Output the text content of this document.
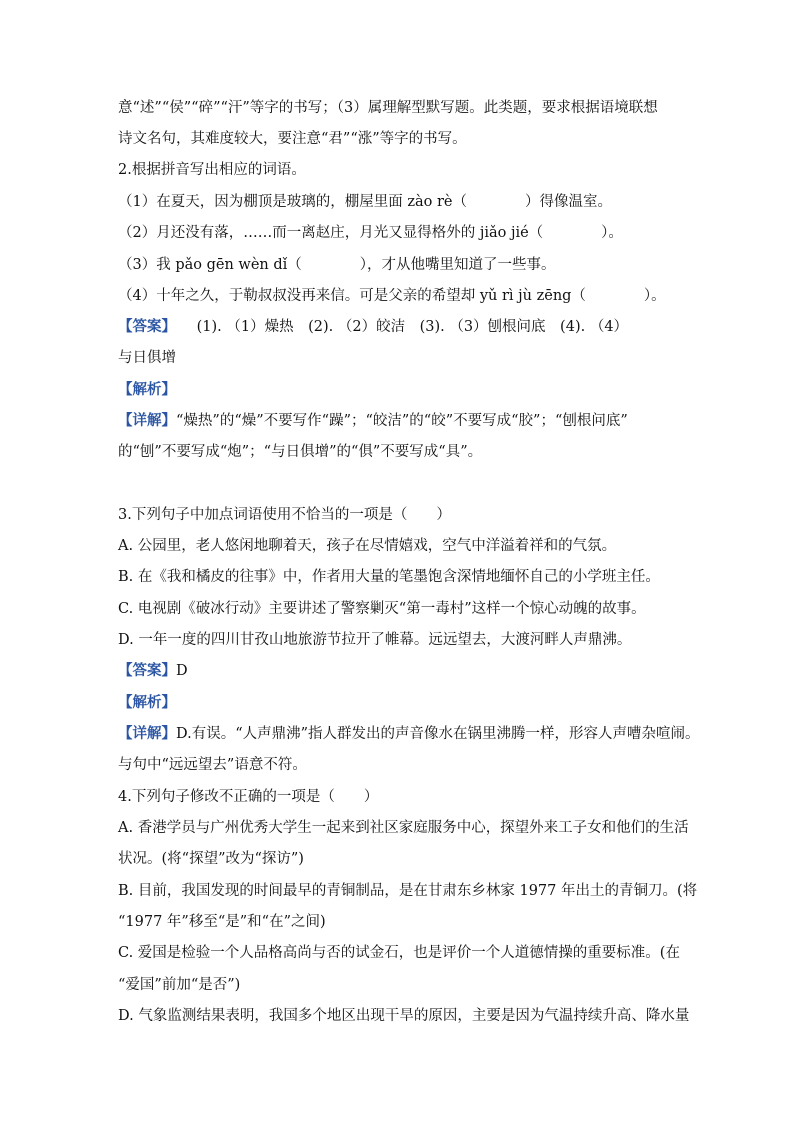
意“述”“侯”“碎”“汗”等字的书写；（3）属理解型默写题。此类题，要求根据语境联想
诗文名句，其难度较大，要注意“君”“涨”等字的书写。
2.根据拼音写出相应的词语。
（1）在夏天，因为棚顶是玻璃的，棚屋里面 zào rè（　　　　）得像温室。
（2）月还没有落，……而一离赵庄，月光又显得格外的 jiǎo jié（　　　　）。
（3）我 pǎo gēn wèn dǐ（　　　　），才从他嘴里知道了一些事。
（4）十年之久，于勒叔叔没再来信。可是父亲的希望却 yǔ rì jù zēng（　　　　）。
【答案】 (1). （1）燥热　(2). （2）皎洁　(3). （3）刨根问底　(4). （4）
与日俱增
【解析】
【详解】“燥热”的“燥”不要写作“躁”；“皎洁”的“皎”不要写成“胶”；“刨根问底”
的“刨”不要写成“炮”；“与日俱增”的“俱”不要写成“具”。
3.下列句子中加点词语使用不恰当的一项是（　　）
A. 公园里，老人悠闲地聊着天，孩子在尽情嬉戏，空气中洋溢着祥和的气氛。
B. 在《我和橘皮的往事》中，作者用大量的笔墨饱含深情地缅怀自己的小学班主任。
C. 电视剧《破冰行动》主要讲述了警察剿灭“第一毒村”这样一个惊心动魄的故事。
D. 一年一度的四川甘孜山地旅游节拉开了帷幕。远远望去，大渡河畔人声鼎沸。
【答案】D
【解析】
【详解】D.有误。“人声鼎沸”指人群发出的声音像水在锅里沸腾一样，形容人声嘈杂喧闹。
与句中“远远望去”语意不符。
4.下列句子修改不正确的一项是（　　）
A. 香港学员与广州优秀大学生一起来到社区家庭服务中心，探望外来工子女和他们的生活
状况。(将“探望”改为“探访”)
B. 目前，我国发现的时间最早的青铜制品，是在甘肃东乡林家 1977 年出土的青铜刀。(将
“1977 年”移至“是”和“在”之间)
C. 爱国是检验一个人品格高尚与否的试金石，也是评价一个人道德情操的重要标准。(在
“爱国”前加“是否”)
D. 气象监测结果表明，我国多个地区出现干旱的原因，主要是因为气温持续升高、降水量
